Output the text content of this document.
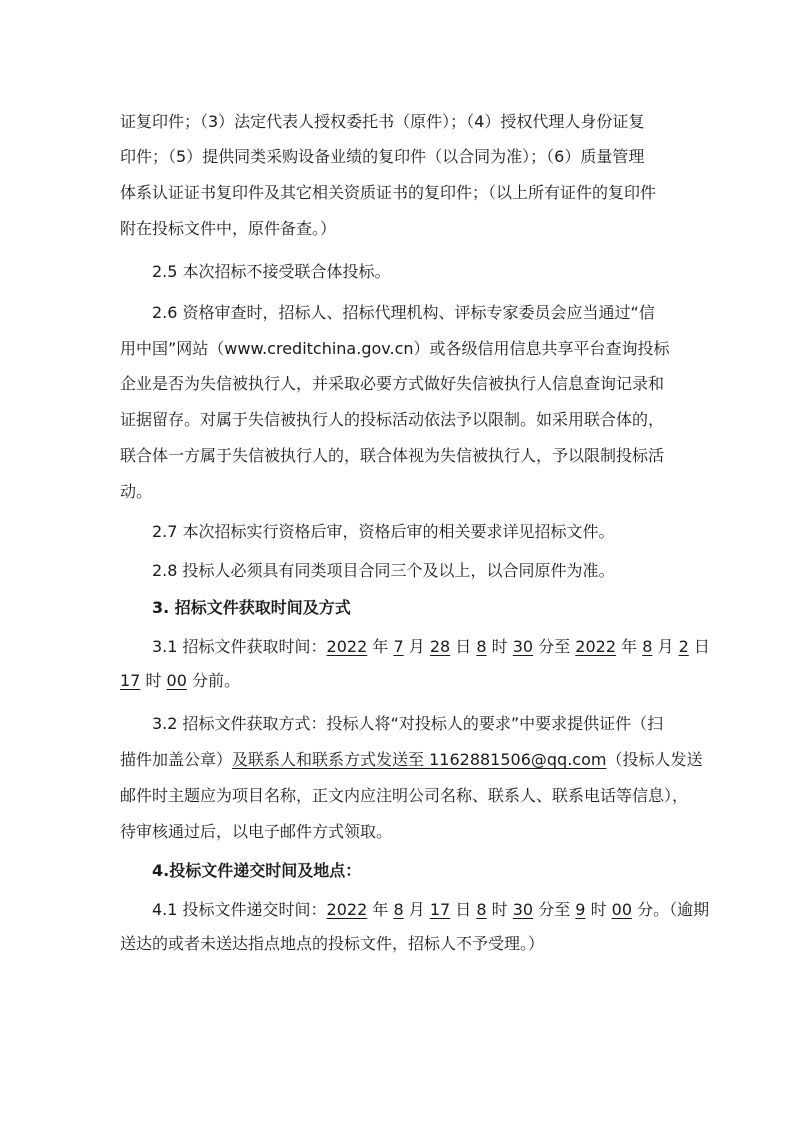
证复印件；（3）法定代表人授权委托书（原件）；（4）授权代理人身份证复
印件；（5）提供同类采购设备业绩的复印件（以合同为准）；（6）质量管理
体系认证证书复印件及其它相关资质证书的复印件；（以上所有证件的复印件
附在投标文件中，原件备查。）
2.5 本次招标不接受联合体投标。
2.6 资格审查时，招标人、招标代理机构、评标专家委员会应当通过“信
用中国”网站（www.creditchina.gov.cn）或各级信用信息共享平台查询投标
企业是否为失信被执行人，并采取必要方式做好失信被执行人信息查询记录和
证据留存。对属于失信被执行人的投标活动依法予以限制。如采用联合体的，
联合体一方属于失信被执行人的，联合体视为失信被执行人，予以限制投标活
动。
2.7 本次招标实行资格后审，资格后审的相关要求详见招标文件。
2.8 投标人必须具有同类项目合同三个及以上，以合同原件为准。
3. 招标文件获取时间及方式
3.1 招标文件获取时间：2022 年 7 月 28 日 8 时 30 分至 2022 年 8 月 2 日
17 时 00 分前。
3.2 招标文件获取方式：投标人将“对投标人的要求”中要求提供证件（扫
描件加盖公章）及联系人和联系方式发送至 1162881506@qq.com（投标人发送
邮件时主题应为项目名称，正文内应注明公司名称、联系人、联系电话等信息），
待审核通过后，以电子邮件方式领取。
4.投标文件递交时间及地点：
4.1 投标文件递交时间：2022 年 8 月 17 日 8 时 30 分至 9 时 00 分。（逾期
送达的或者未送达指点地点的投标文件，招标人不予受理。）
